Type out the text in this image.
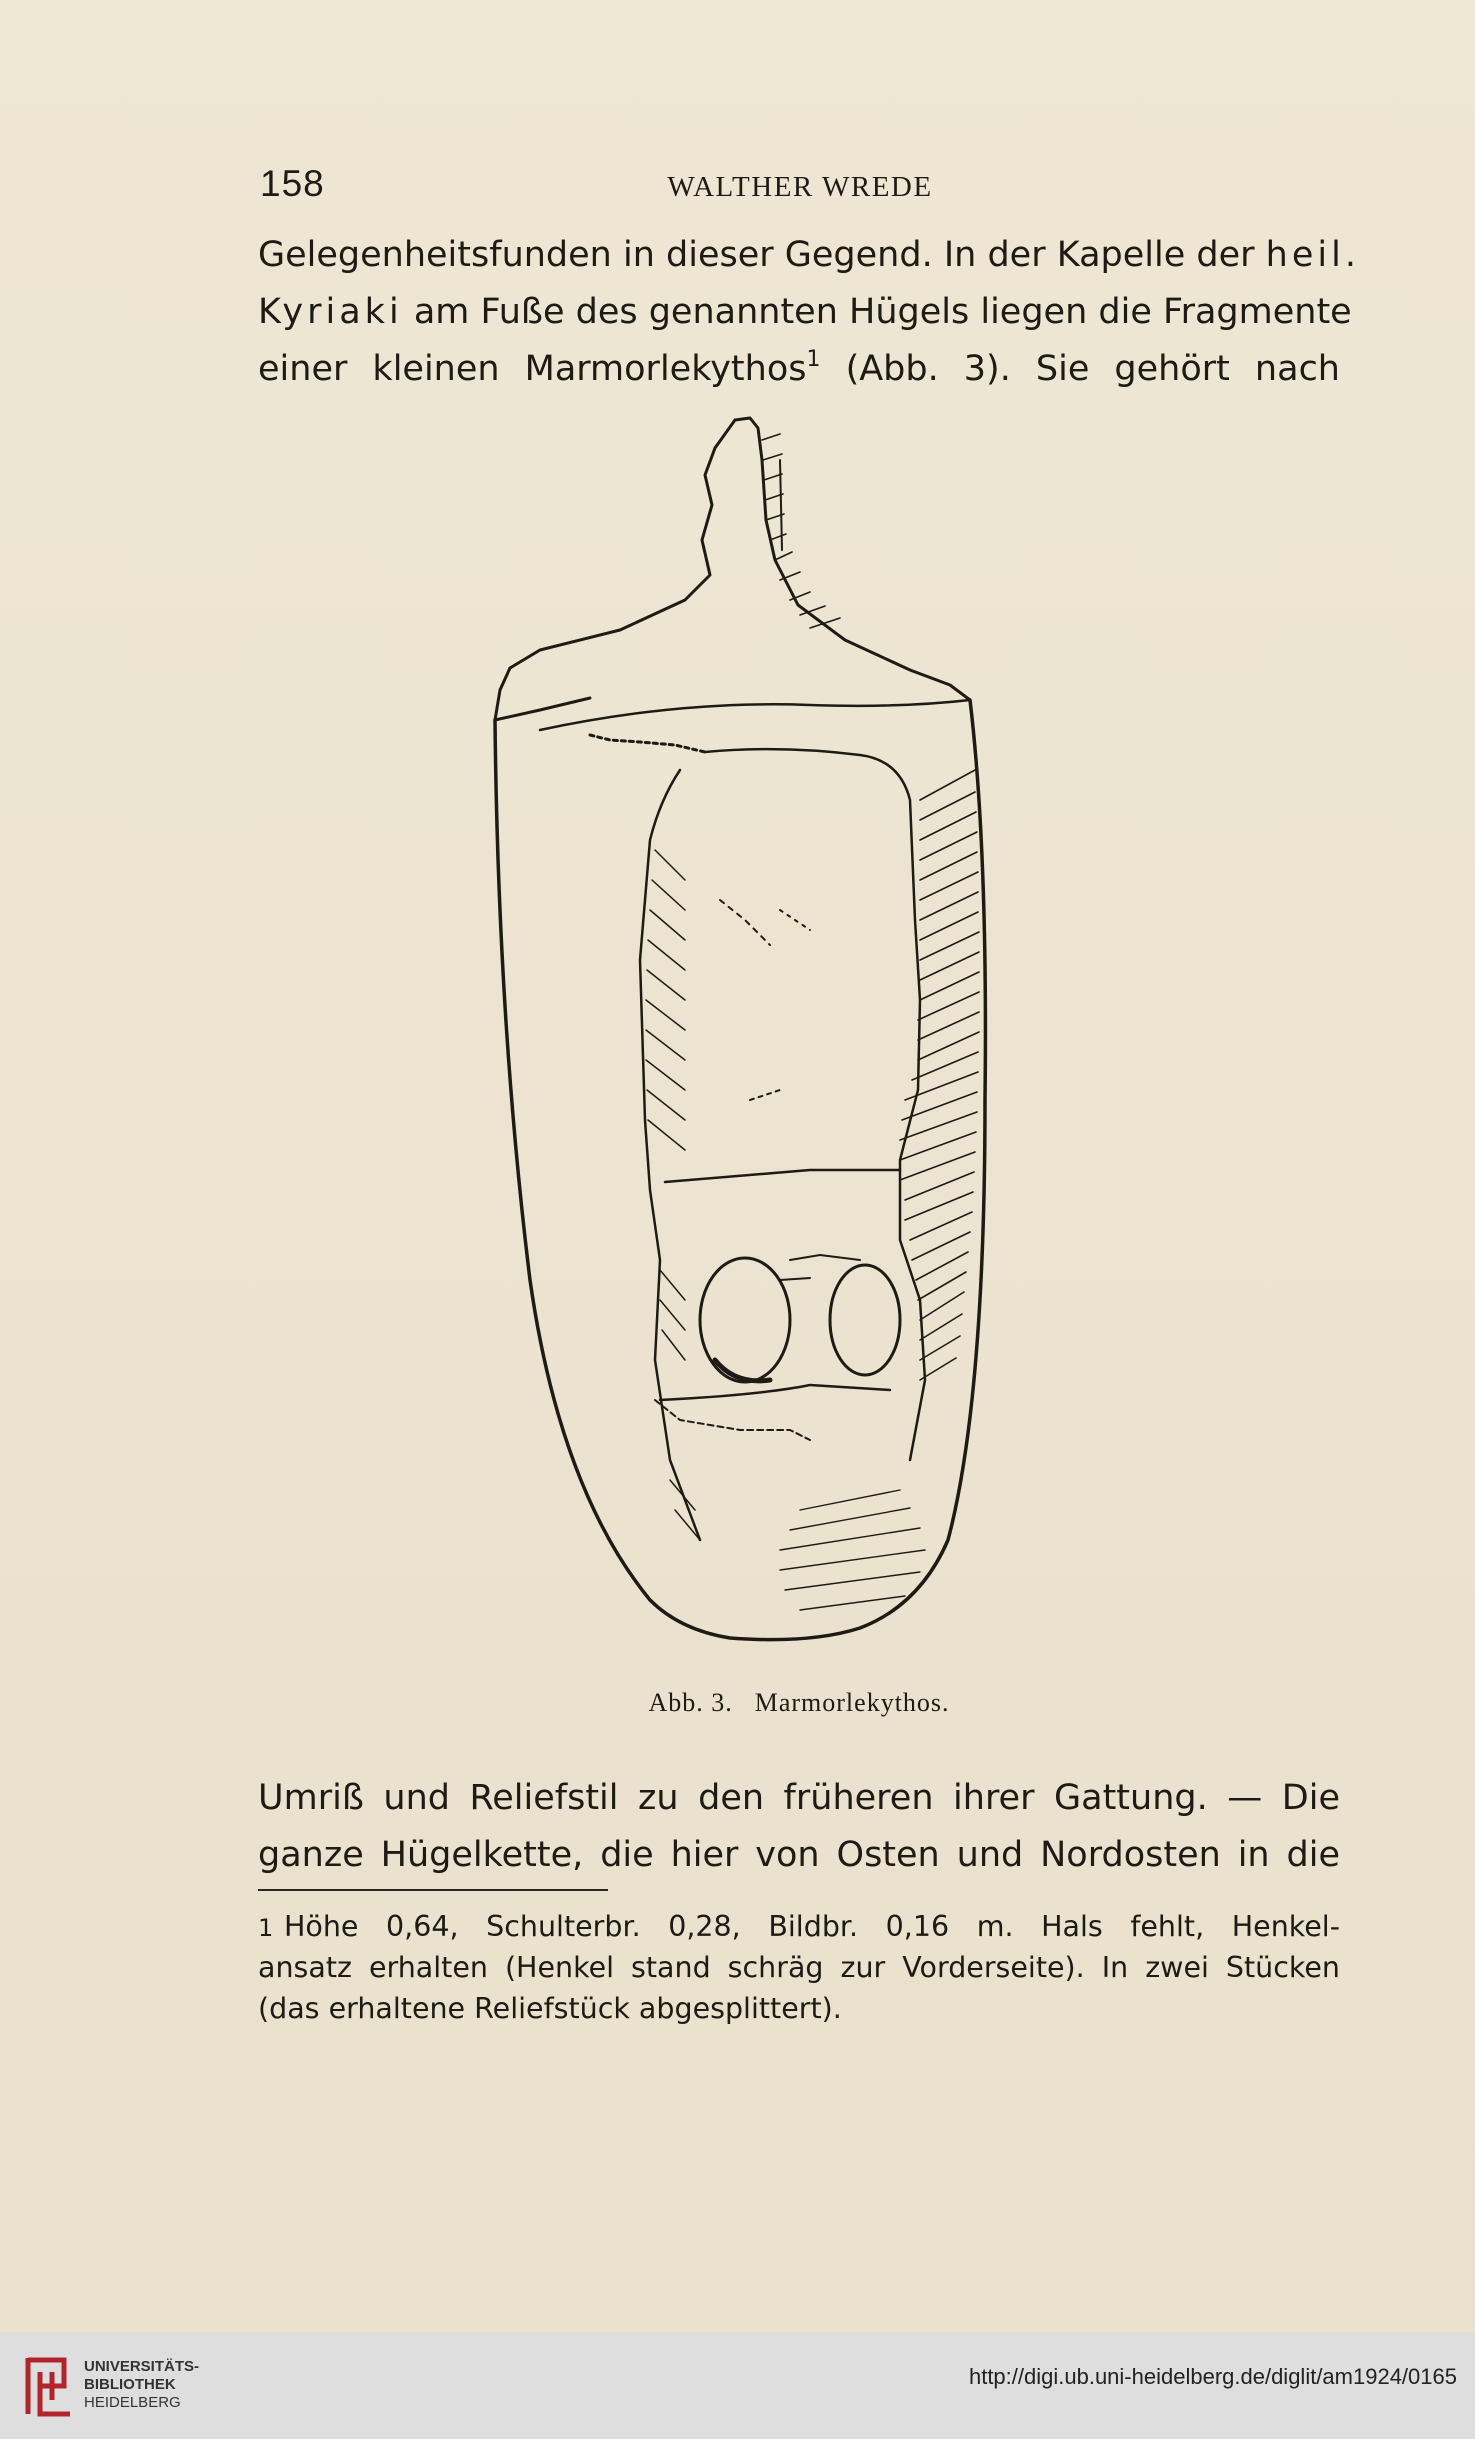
158	WALTHER WREDE
Gelegenheitsfunden in dieser Gegend. In der Kapelle der heil.
Kyriaki am Fuße des genannten Hügels liegen die Fragmente
einer kleinen Marmorlekythos$^1$ (Abb. 3). Sie gehört nach
Abb. 3. Marmorlekythos.
Umriß und Reliefstil zu den früheren ihrer Gattung. — Die
ganze Hügelkette, die hier von Osten und Nordosten in die
1 Höhe 0,64, Schulterbr. 0,28, Bildbr. 0,16 m. Hals fehlt, Henkel-
ansatz erhalten (Henkel stand schräg zur Vorderseite). In zwei Stücken
(das erhaltene Reliefstück abgesplittert).
UNIVERSITÄTS-
BIBLIOTHEK
HEIDELBERG
http://digi.ub.uni-heidelberg.de/diglit/am1924/0165
